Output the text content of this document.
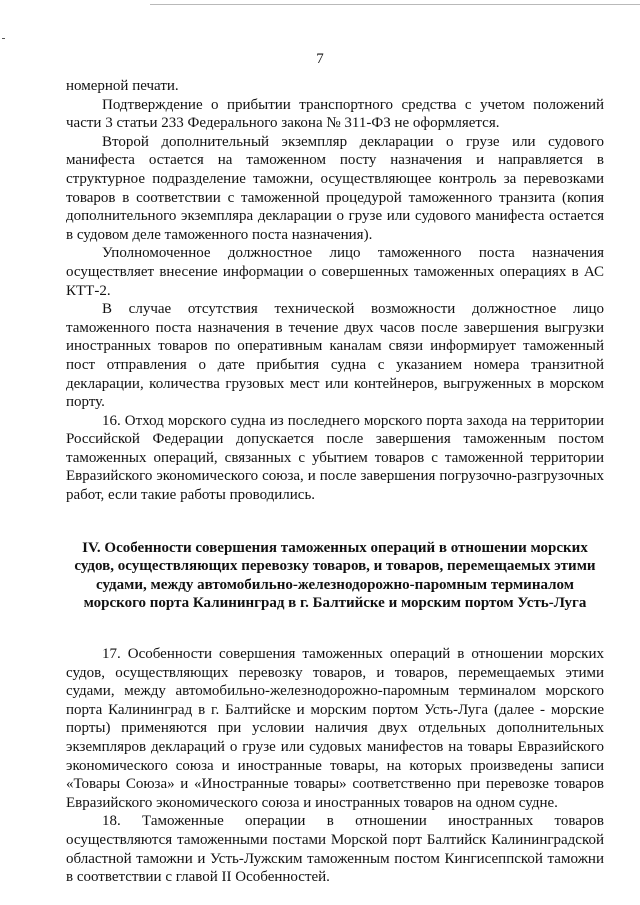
7

номерной печати.

Подтверждение о прибытии транспортного средства с учетом положений части 3 статьи 233 Федерального закона № 311-ФЗ не оформляется.

Второй дополнительный экземпляр декларации о грузе или судового манифеста остается на таможенном посту назначения и направляется в структурное подразделение таможни, осуществляющее контроль за перевозками товаров в соответствии с таможенной процедурой таможенного транзита (копия дополнительного экземпляра декларации о грузе или судового манифеста остается в судовом деле таможенного поста назначения).

Уполномоченное должностное лицо таможенного поста назначения осуществляет внесение информации о совершенных таможенных операциях в АС КТТ-2.

В случае отсутствия технической возможности должностное лицо таможенного поста назначения в течение двух часов после завершения выгрузки иностранных товаров по оперативным каналам связи информирует таможенный пост отправления о дате прибытия судна с указанием номера транзитной декларации, количества грузовых мест или контейнеров, выгруженных в морском порту.

16. Отход морского судна из последнего морского порта захода на территории Российской Федерации допускается после завершения таможенным постом таможенных операций, связанных с убытием товаров с таможенной территории Евразийского экономического союза, и после завершения погрузочно-разгрузочных работ, если такие работы проводились.

IV. Особенности совершения таможенных операций в отношении морских судов, осуществляющих перевозку товаров, и товаров, перемещаемых этими судами, между автомобильно-железнодорожно-паромным терминалом морского порта Калининград в г. Балтийске и морским портом Усть-Луга

17. Особенности совершения таможенных операций в отношении морских судов, осуществляющих перевозку товаров, и товаров, перемещаемых этими судами, между автомобильно-железнодорожно-паромным терминалом морского порта Калининград в г. Балтийске и морским портом Усть-Луга (далее - морские порты) применяются при условии наличия двух отдельных дополнительных экземпляров деклараций о грузе или судовых манифестов на товары Евразийского экономического союза и иностранные товары, на которых произведены записи «Товары Союза» и «Иностранные товары» соответственно при перевозке товаров Евразийского экономического союза и иностранных товаров на одном судне.

18. Таможенные операции в отношении иностранных товаров осуществляются таможенными постами Морской порт Балтийск Калининградской областной таможни и Усть-Лужским таможенным постом Кингисеппской таможни в соответствии с главой II Особенностей.
